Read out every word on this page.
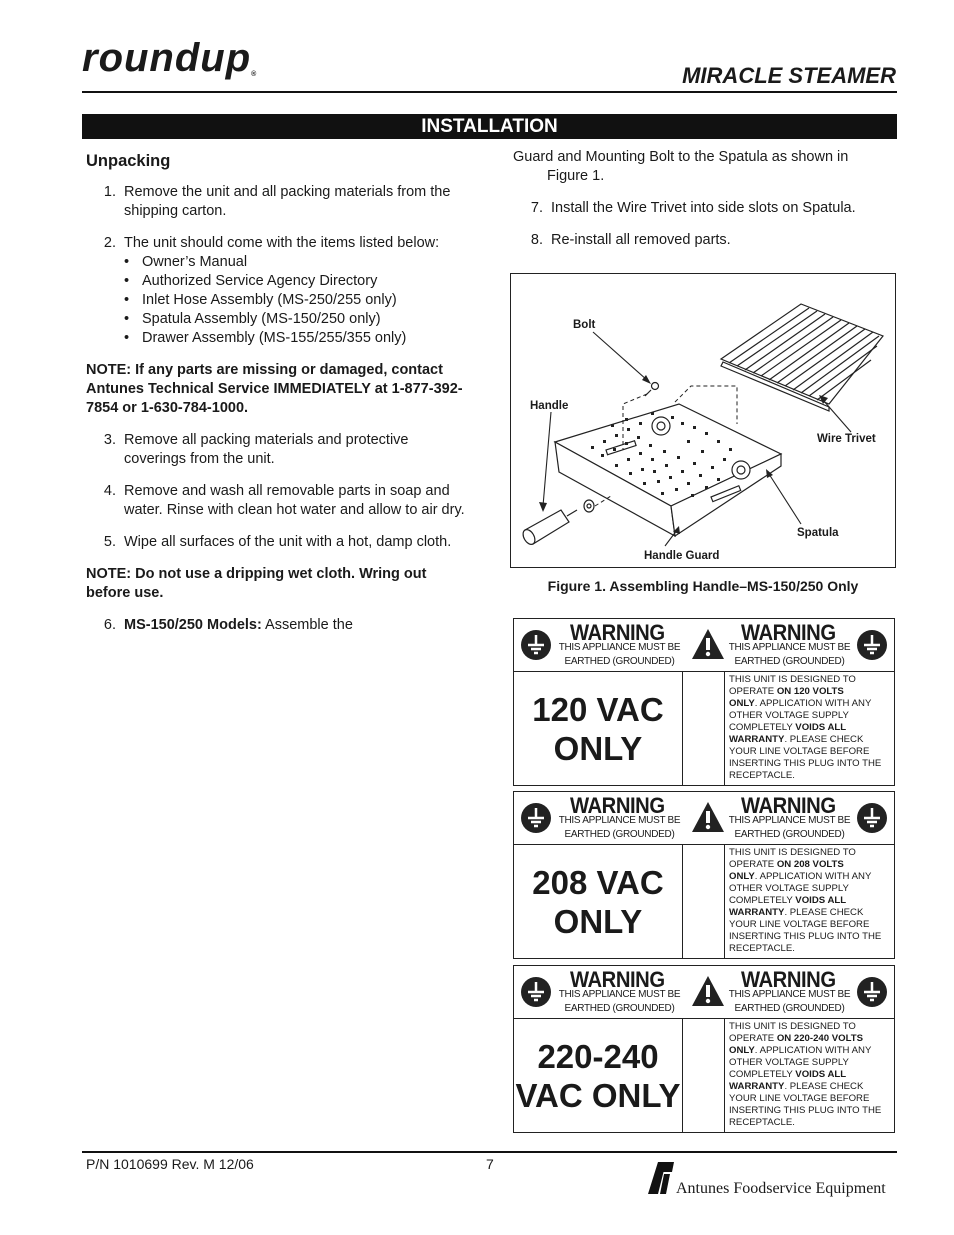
roundup®	MIRACLE STEAMER
INSTALLATION
Unpacking
1. Remove the unit and all packing materials from the shipping carton.
2. The unit should come with the items listed below:
• Owner’s Manual
• Authorized Service Agency Directory
• Inlet Hose Assembly (MS-250/255 only)
• Spatula Assembly (MS-150/250 only)
• Drawer Assembly (MS-155/255/355 only)
NOTE: If any parts are missing or damaged, contact Antunes Technical Service IMMEDIATELY at 1-877-392-7854 or 1-630-784-1000.
3. Remove all packing materials and protective coverings from the unit.
4. Remove and wash all removable parts in soap and water. Rinse with clean hot water and allow to air dry.
5. Wipe all surfaces of the unit with a hot, damp cloth.
NOTE: Do not use a dripping wet cloth. Wring out before use.
6. MS-150/250 Models: Assemble the
Guard and Mounting Bolt to the Spatula as shown in
Figure 1.
7. Install the Wire Trivet into side slots on Spatula.
8. Re-install all removed parts.
Bolt
Handle
Wire Trivet
Spatula
Handle Guard
Figure 1. Assembling Handle–MS-150/250 Only
WARNING
THIS APPLIANCE MUST BE
EARTHED (GROUNDED)
WARNING
THIS APPLIANCE MUST BE
EARTHED (GROUNDED)
120 VAC
ONLY
THIS UNIT IS DESIGNED TO
OPERATE ON 120 VOLTS
ONLY. APPLICATION WITH ANY
OTHER VOLTAGE SUPPLY
COMPLETELY VOIDS ALL
WARRANTY. PLEASE CHECK
YOUR LINE VOLTAGE BEFORE
INSERTING THIS PLUG INTO THE
RECEPTACLE.
WARNING
THIS APPLIANCE MUST BE
EARTHED (GROUNDED)
WARNING
THIS APPLIANCE MUST BE
EARTHED (GROUNDED)
208 VAC
ONLY
THIS UNIT IS DESIGNED TO
OPERATE ON 208 VOLTS
ONLY. APPLICATION WITH ANY
OTHER VOLTAGE SUPPLY
COMPLETELY VOIDS ALL
WARRANTY. PLEASE CHECK
YOUR LINE VOLTAGE BEFORE
INSERTING THIS PLUG INTO THE
RECEPTACLE.
WARNING
THIS APPLIANCE MUST BE
EARTHED (GROUNDED)
WARNING
THIS APPLIANCE MUST BE
EARTHED (GROUNDED)
220-240
VAC ONLY
THIS UNIT IS DESIGNED TO
OPERATE ON 220-240 VOLTS
ONLY. APPLICATION WITH ANY
OTHER VOLTAGE SUPPLY
COMPLETELY VOIDS ALL
WARRANTY. PLEASE CHECK
YOUR LINE VOLTAGE BEFORE
INSERTING THIS PLUG INTO THE
RECEPTACLE.
P/N 1010699 Rev. M 12/06	7
Antunes Foodservice Equipment
